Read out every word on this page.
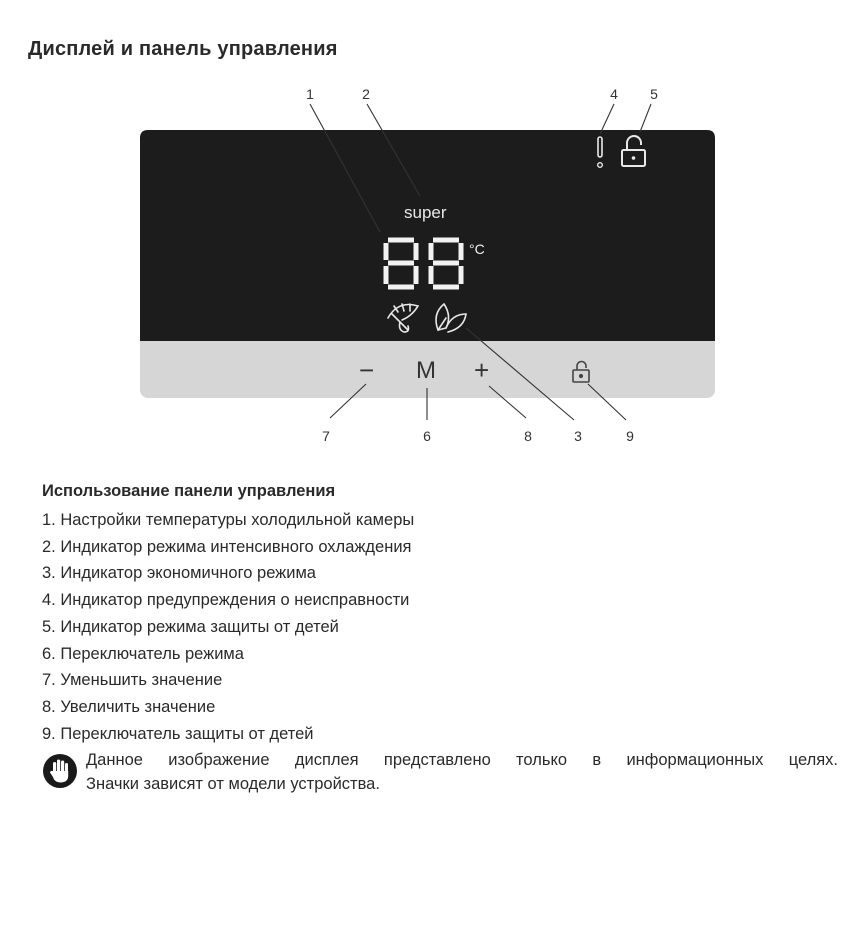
Дисплей и панель управления
°C
1	2	4	5
7	6	8	3	9
super
− M +
Использование панели управления
1. Настройки температуры холодильной камеры
2. Индикатор режима интенсивного охлаждения
3. Индикатор экономичного режима
4. Индикатор предупреждения о неисправности
5. Индикатор режима защиты от детей
6. Переключатель режима
7. Уменьшить значение
8. Увеличить значение
9. Переключатель защиты от детей
Данное изображение дисплея представлено только в информационных целях.
Значки зависят от модели устройства.
